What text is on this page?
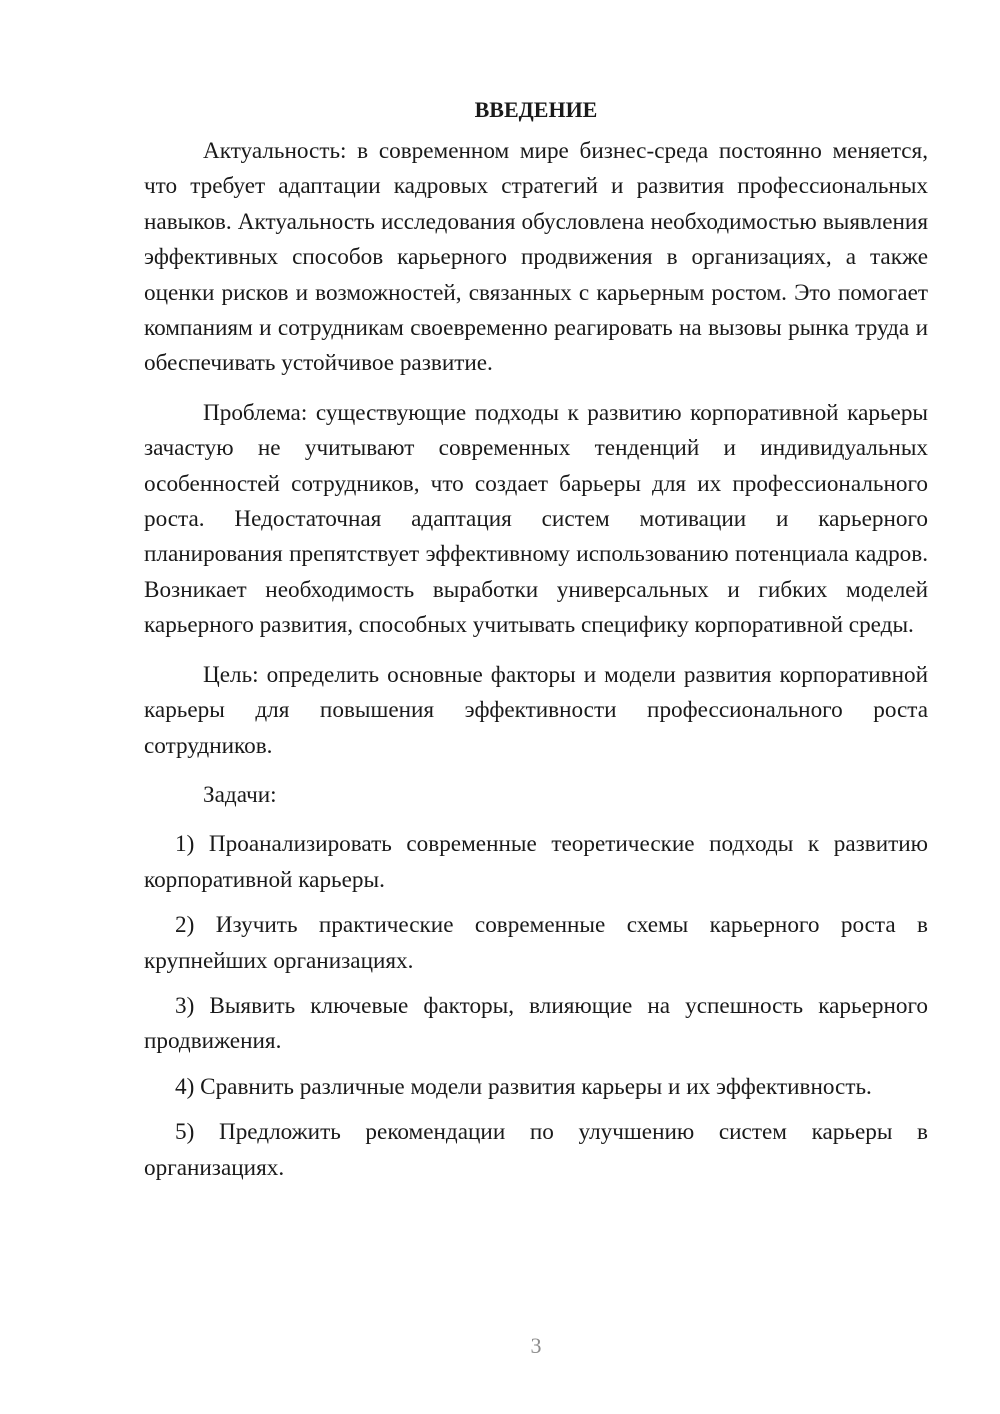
ВВЕДЕНИЕ

Актуальность: в современном мире бизнес-среда постоянно меняется, что требует адаптации кадровых стратегий и развития профессиональных навыков. Актуальность исследования обусловлена необходимостью выявления эффективных способов карьерного продвижения в организациях, а также оценки рисков и возможностей, связанных с карьерным ростом. Это помогает компаниям и сотрудникам своевременно реагировать на вызовы рынка труда и обеспечивать устойчивое развитие.

Проблема: существующие подходы к развитию корпоративной карьеры зачастую не учитывают современных тенденций и индивидуальных особенностей сотрудников, что создает барьеры для их профессионального роста. Недостаточная адаптация систем мотивации и карьерного планирования препятствует эффективному использованию потенциала кадров. Возникает необходимость выработки универсальных и гибких моделей карьерного развития, способных учитывать специфику корпоративной среды.

Цель: определить основные факторы и модели развития корпоративной карьеры для повышения эффективности профессионального роста сотрудников.

Задачи:

1) Проанализировать современные теоретические подходы к развитию корпоративной карьеры.

2) Изучить практические современные схемы карьерного роста в крупнейших организациях.

3) Выявить ключевые факторы, влияющие на успешность карьерного продвижения.

4) Сравнить различные модели развития карьеры и их эффективность.

5) Предложить рекомендации по улучшению систем карьеры в организациях.

3
